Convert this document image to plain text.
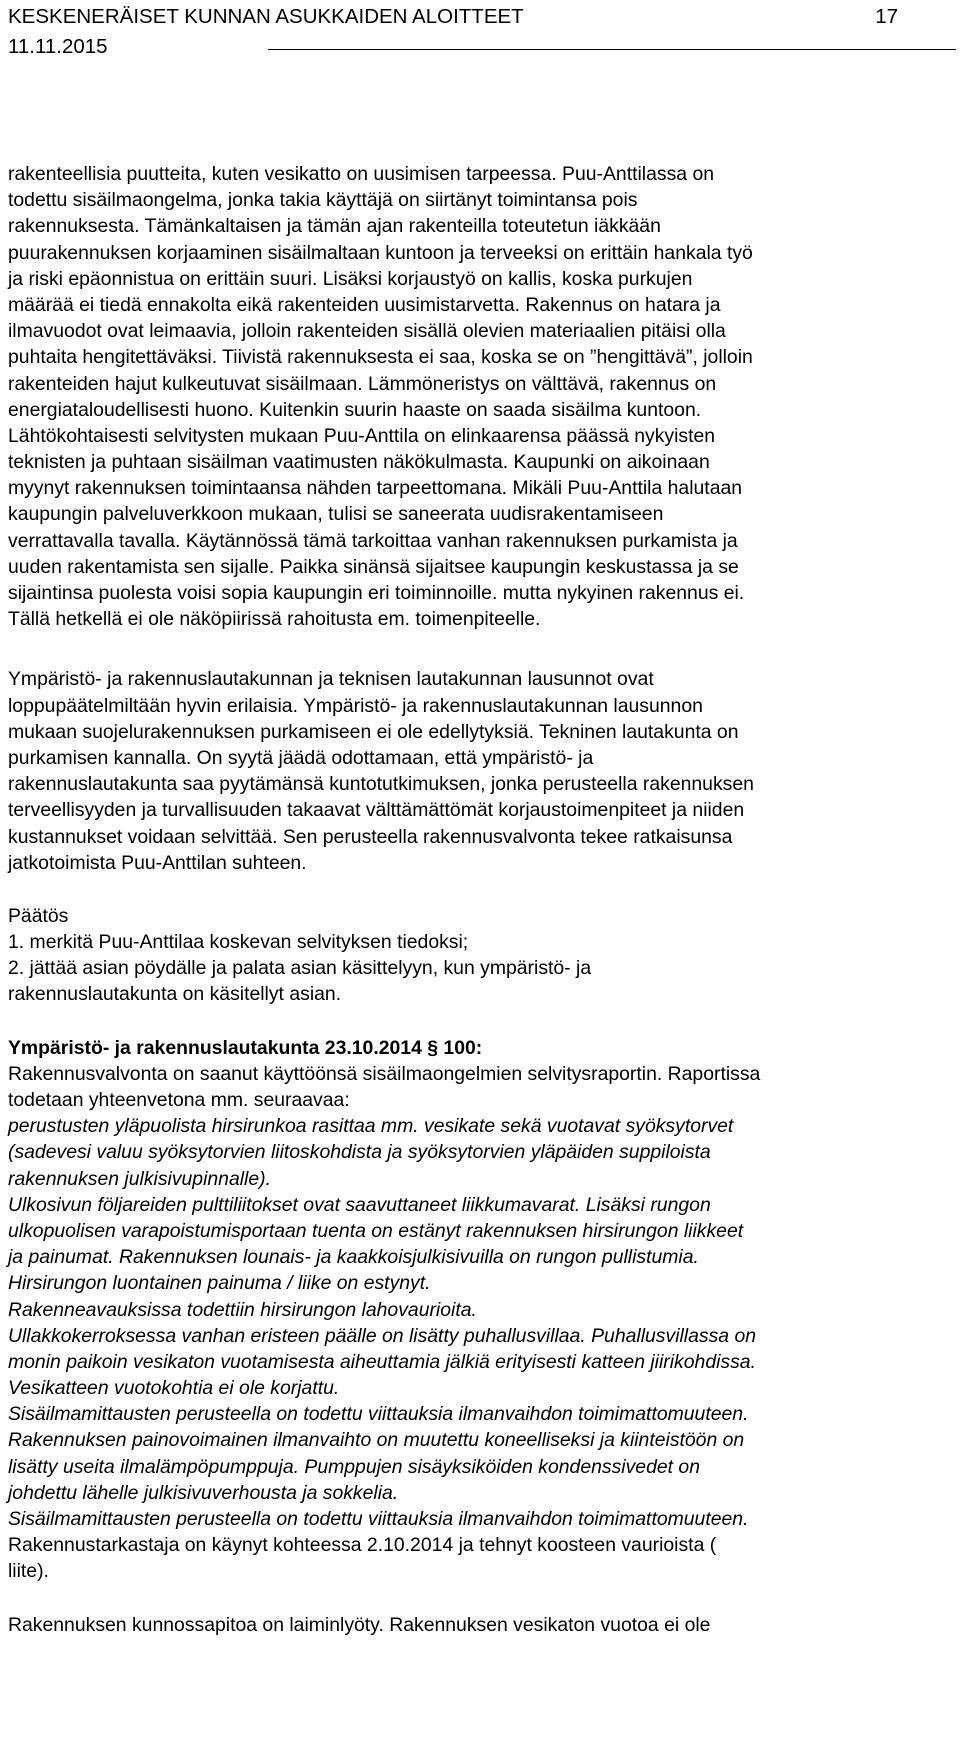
KESKENERÄISET KUNNAN ASUKKAIDEN ALOITTEET	17
11.11.2015
rakenteellisia puutteita, kuten vesikatto on uusimisen tarpeessa. Puu-Anttilassa on
todettu sisäilmaongelma, jonka takia käyttäjä on siirtänyt toimintansa pois
rakennuksesta. Tämänkaltaisen ja tämän ajan rakenteilla toteutetun iäkkään
puurakennuksen korjaaminen sisäilmaltaan kuntoon ja terveeksi on erittäin hankala työ
ja riski epäonnistua on erittäin suuri. Lisäksi korjaustyö on kallis, koska purkujen
määrää ei tiedä ennakolta eikä rakenteiden uusimistarvetta. Rakennus on hatara ja
ilmavuodot ovat leimaavia, jolloin rakenteiden sisällä olevien materiaalien pitäisi olla
puhtaita hengitettäväksi. Tiivistä rakennuksesta ei saa, koska se on ”hengittävä”, jolloin
rakenteiden hajut kulkeutuvat sisäilmaan. Lämmöneristys on välttävä, rakennus on
energiataloudellisesti huono. Kuitenkin suurin haaste on saada sisäilma kuntoon.
Lähtökohtaisesti selvitysten mukaan Puu-Anttila on elinkaarensa päässä nykyisten
teknisten ja puhtaan sisäilman vaatimusten näkökulmasta. Kaupunki on aikoinaan
myynyt rakennuksen toimintaansa nähden tarpeettomana. Mikäli Puu-Anttila halutaan
kaupungin palveluverkkoon mukaan, tulisi se saneerata uudisrakentamiseen
verrattavalla tavalla. Käytännössä tämä tarkoittaa vanhan rakennuksen purkamista ja
uuden rakentamista sen sijalle. Paikka sinänsä sijaitsee kaupungin keskustassa ja se
sijaintinsa puolesta voisi sopia kaupungin eri toiminnoille. mutta nykyinen rakennus ei.
Tällä hetkellä ei ole näköpiirissä rahoitusta em. toimenpiteelle.
Ympäristö- ja rakennuslautakunnan ja teknisen lautakunnan lausunnot ovat
loppupäätelmiltään hyvin erilaisia. Ympäristö- ja rakennuslautakunnan lausunnon
mukaan suojelurakennuksen purkamiseen ei ole edellytyksiä. Tekninen lautakunta on
purkamisen kannalla. On syytä jäädä odottamaan, että ympäristö- ja
rakennuslautakunta saa pyytämänsä kuntotutkimuksen, jonka perusteella rakennuksen
terveellisyyden ja turvallisuuden takaavat välttämättömät korjaustoimenpiteet ja niiden
kustannukset voidaan selvittää. Sen perusteella rakennusvalvonta tekee ratkaisunsa
jatkotoimista Puu-Anttilan suhteen.
Päätös
1. merkitä Puu-Anttilaa koskevan selvityksen tiedoksi;
2. jättää asian pöydälle ja palata asian käsittelyyn, kun ympäristö- ja
rakennuslautakunta on käsitellyt asian.
Ympäristö- ja rakennuslautakunta 23.10.2014 § 100:
Rakennusvalvonta on saanut käyttöönsä sisäilmaongelmien selvitysraportin. Raportissa
todetaan yhteenvetona mm. seuraavaa:
perustusten yläpuolista hirsirunkoa rasittaa mm. vesikate sekä vuotavat syöksytorvet
(sadevesi valuu syöksytorvien liitoskohdista ja syöksytorvien yläpäiden suppiloista
rakennuksen julkisivupinnalle).
Ulkosivun följareiden pulttiliitokset ovat saavuttaneet liikkumavarat. Lisäksi rungon
ulkopuolisen varapoistumisportaan tuenta on estänyt rakennuksen hirsirungon liikkeet
ja painumat. Rakennuksen lounais- ja kaakkoisjulkisivuilla on rungon pullistumia.
Hirsirungon luontainen painuma / liike on estynyt.
Rakenneavauksissa todettiin hirsirungon lahovaurioita.
Ullakkokerroksessa vanhan eristeen päälle on lisätty puhallusvillaa. Puhallusvillassa on
monin paikoin vesikaton vuotamisesta aiheuttamia jälkiä erityisesti katteen jiirikohdissa.
Vesikatteen vuotokohtia ei ole korjattu.
Sisäilmamittausten perusteella on todettu viittauksia ilmanvaihdon toimimattomuuteen.
Rakennuksen painovoimainen ilmanvaihto on muutettu koneelliseksi ja kiinteistöön on
lisätty useita ilmalämpöpumppuja. Pumppujen sisäyksiköiden kondenssivedet on
johdettu lähelle julkisivuverhousta ja sokkelia.
Sisäilmamittausten perusteella on todettu viittauksia ilmanvaihdon toimimattomuuteen.
Rakennustarkastaja on käynyt kohteessa 2.10.2014 ja tehnyt koosteen vaurioista (
liite).
Rakennuksen kunnossapitoa on laiminlyöty. Rakennuksen vesikaton vuotoa ei ole
